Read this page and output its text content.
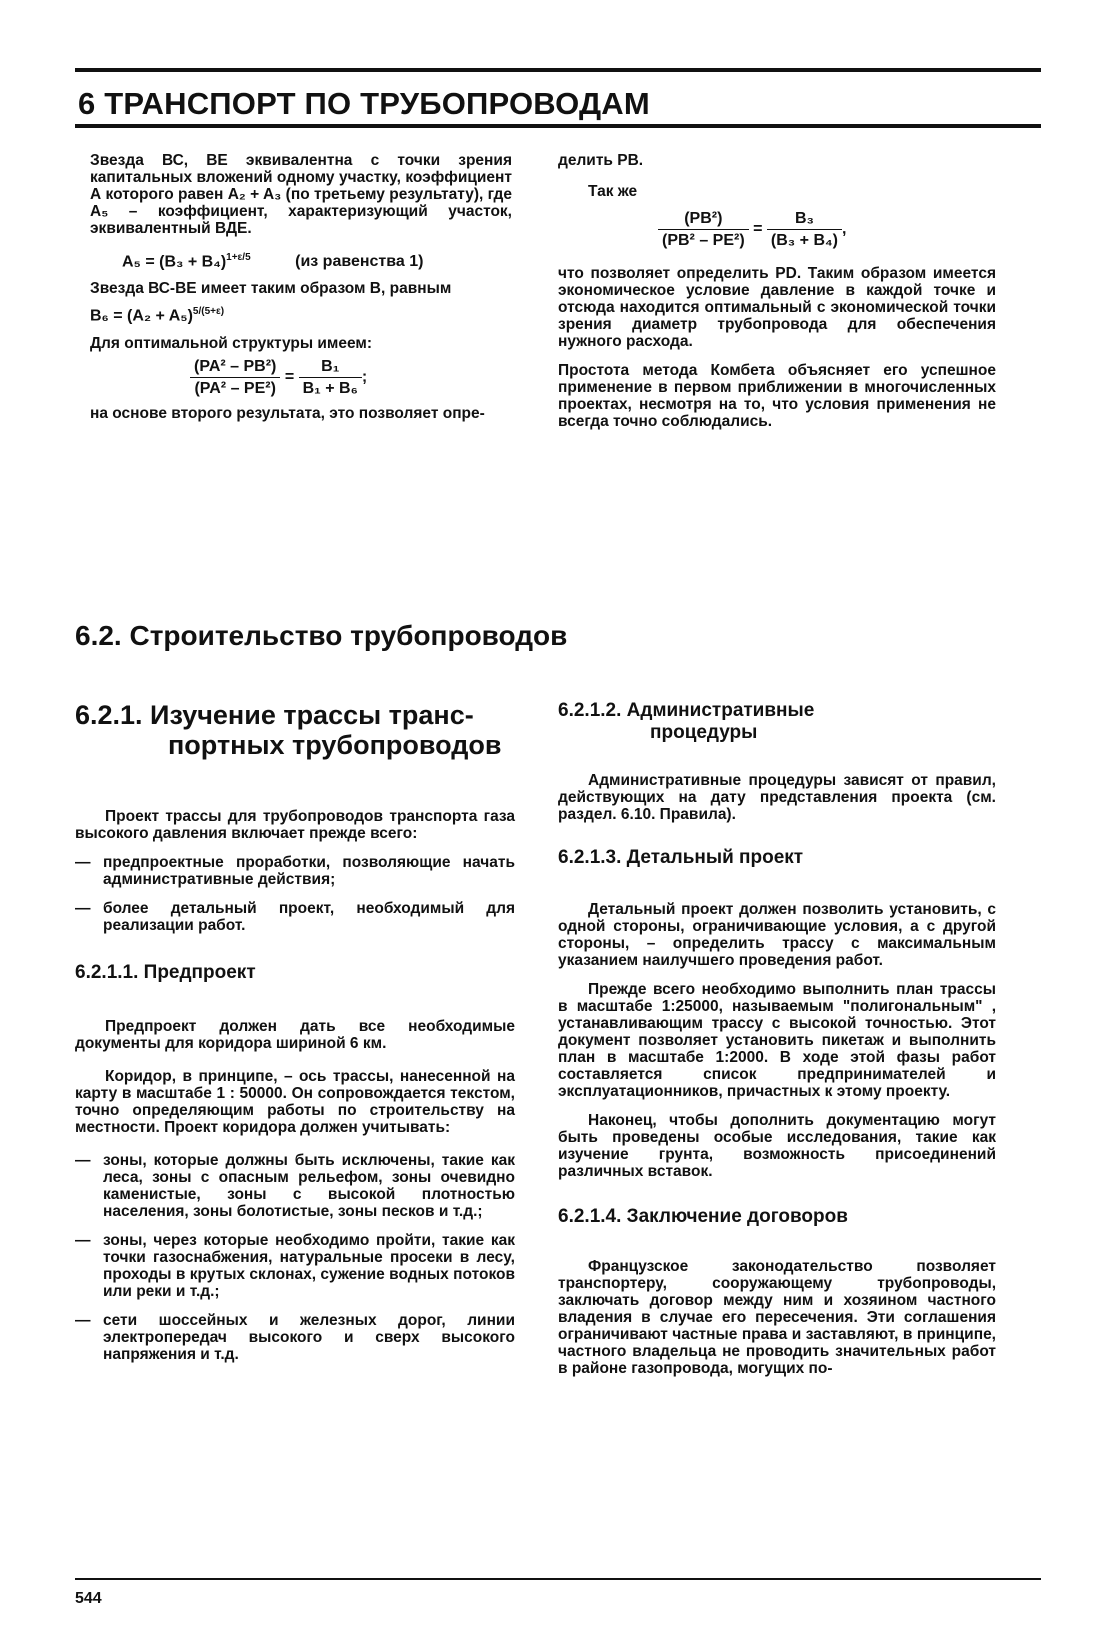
6 ТРАНСПОРТ ПО ТРУБОПРОВОДАМ

Звезда ВС, ВЕ эквивалентна с точки зрения капитальных вложений одному участку, коэффициент А которого равен A₂ + A₃ (по третьему результату), где A₅ – коэффициент, характеризующий участок, эквивалентный ВДЕ.

$A_5 = (B_3 + B_4)^{1+\varepsilon/5}$	(из равенства 1)

Звезда ВС-ВЕ имеет таким образом В, равным

$B_6 = (A_2 + A_5)^{5/(5+\varepsilon)}$

Для оптимальной структуры имеем:

$\frac{\text{(PA² – PB²)}}{\text{(PA² – PE²)}} = \frac{\text{B₁}}{\text{B₁ + B₆}}$ ;

на основе второго результата, это позволяет опре-

делить РВ.

Так же

$\frac{\text{(PB²)}}{\text{(PB² – PE²)}} = \frac{\text{B₃}}{\text{(B₃ + B₄)}}$ ,

что позволяет определить PD. Таким образом имеется экономическое условие давление в каждой точке и отсюда находится оптимальный с экономической точки зрения диаметр трубопровода для обеспечения нужного расхода.

Простота метода Комбета объясняет его успешное применение в первом приближении в многочисленных проектах, несмотря на то, что условия применения не всегда точно соблюдались.

6.2. Строительство трубопроводов
6.2.1. Изучение трассы транс-
портных трубопроводов

Проект трассы для трубопроводов транспорта газа высокого давления включает прежде всего:

— предпроектные проработки, позволяющие начать административные действия;

— более детальный проект, необходимый для реализации работ.

6.2.1.1. Предпроект

Предпроект должен дать все необходимые документы для коридора шириной 6 км.

Коридор, в принципе, – ось трассы, нанесенной на карту в масштабе 1 : 50000. Он сопровождается текстом, точно определяющим работы по строительству на местности. Проект коридора должен учитывать:

— зоны, которые должны быть исключены, такие как леса, зоны с опасным рельефом, зоны очевидно каменистые, зоны с высокой плотностью населения, зоны болотистые, зоны песков и т.д.;

— зоны, через которые необходимо пройти, такие как точки газоснабжения, натуральные просеки в лесу, проходы в крутых склонах, сужение водных потоков или реки и т.д.;

— сети шоссейных и железных дорог, линии электропередач высокого и сверх высокого напряжения и т.д.

6.2.1.2. Административные
процедуры

Административные процедуры зависят от правил, действующих на дату представления проекта (см. раздел. 6.10. Правила).

6.2.1.3. Детальный проект

Детальный проект должен позволить установить, с одной стороны, ограничивающие условия, а с другой стороны, – определить трассу с максимальным указанием наилучшего проведения работ.

Прежде всего необходимо выполнить план трассы в масштабе 1:25000, называемым "полигональным" , устанавливающим трассу с высокой точностью. Этот документ позволяет установить пикетаж и выполнить план в масштабе 1:2000. В ходе этой фазы работ составляется список предпринимателей и эксплуатационников, причастных к этому проекту.

Наконец, чтобы дополнить документацию могут быть проведены особые исследования, такие как изучение грунта, возможность присоединений различных вставок.

6.2.1.4. Заключение договоров

Французское законодательство позволяет транспортеру, сооружающему трубопроводы, заключать договор между ним и хозяином частного владения в случае его пересечения. Эти соглашения ограничивают частные права и заставляют, в принципе, частного владельца не проводить значительных работ в районе газопровода, могущих по-

544
